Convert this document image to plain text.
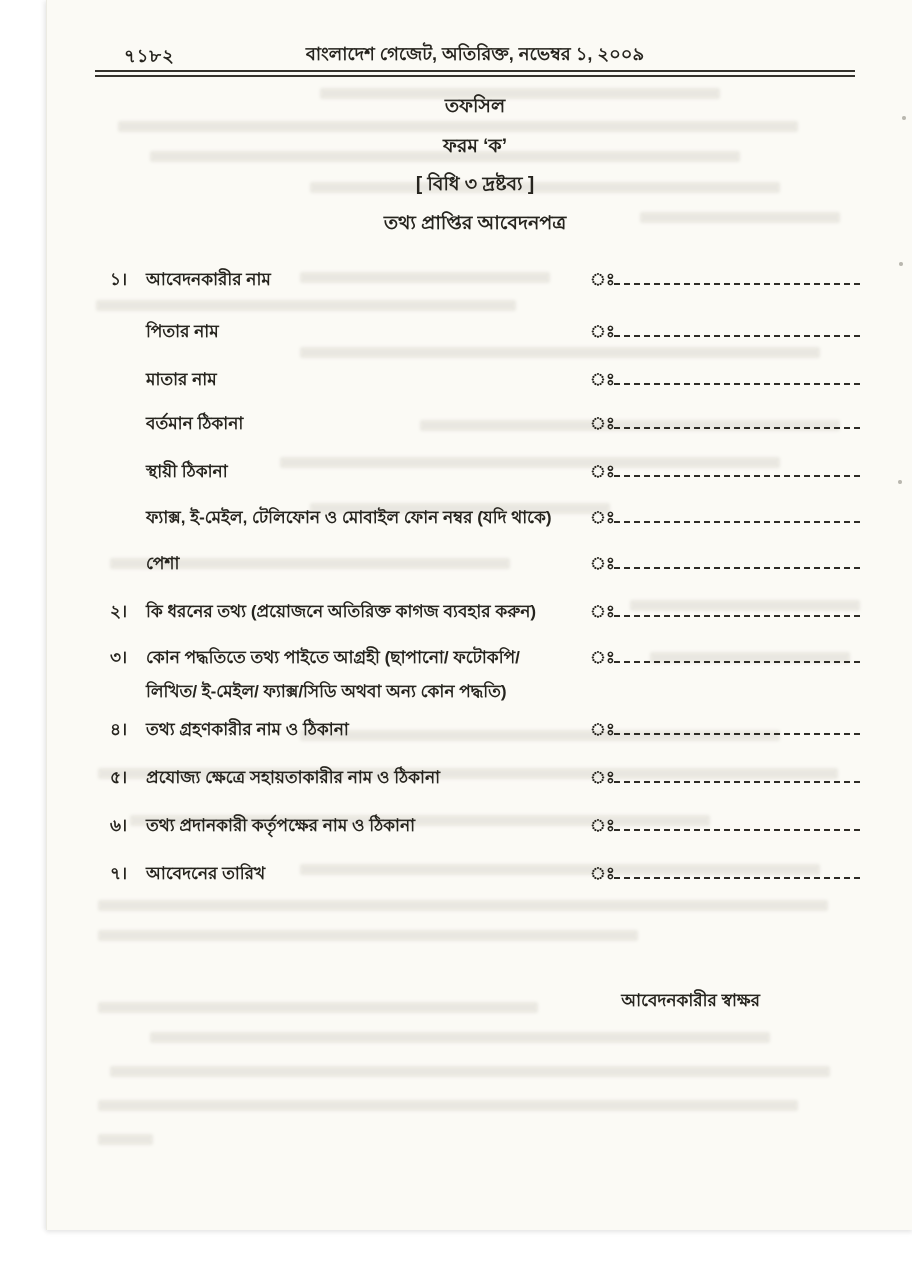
৭১৮২	বাংলাদেশ গেজেট, অতিরিক্ত, নভেম্বর ১, ২০০৯
তফসিল
ফরম ‘ক’
[ বিধি ৩ দ্রষ্টব্য ]
তথ্য প্রাপ্তির আবেদনপত্র
১।	আবেদনকারীর নাম	ঃ
পিতার নাম	ঃ
মাতার নাম	ঃ
বর্তমান ঠিকানা	ঃ
স্থায়ী ঠিকানা	ঃ
ফ্যাক্স, ই-মেইল, টেলিফোন ও মোবাইল ফোন নম্বর (যদি থাকে)	ঃ
পেশা	ঃ
২।	কি ধরনের তথ্য (প্রয়োজনে অতিরিক্ত কাগজ ব্যবহার করুন)	ঃ
৩।	কোন পদ্ধতিতে তথ্য পাইতে আগ্রহী (ছাপানো/ ফটোকপি/
লিখিত/ ই-মেইল/ ফ্যাক্স/সিডি অথবা অন্য কোন পদ্ধতি)
ঃ
৪।	তথ্য গ্রহণকারীর নাম ও ঠিকানা	ঃ
৫।	প্রযোজ্য ক্ষেত্রে সহায়তাকারীর নাম ও ঠিকানা	ঃ
৬।	তথ্য প্রদানকারী কর্তৃপক্ষের নাম ও ঠিকানা	ঃ
৭।	আবেদনের তারিখ	ঃ
আবেদনকারীর স্বাক্ষর
